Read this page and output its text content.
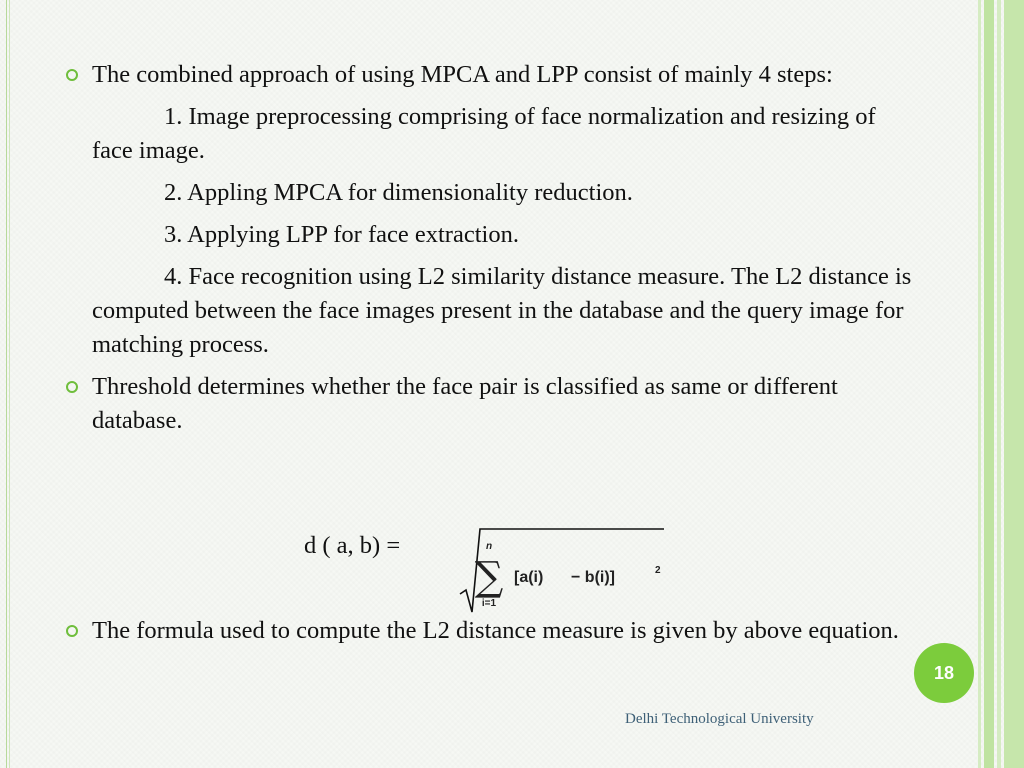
The combined approach of using MPCA and LPP consist of mainly 4 steps:
1. Image preprocessing comprising of face normalization and resizing of face image.
2. Appling MPCA for dimensionality reduction.
3. Applying LPP for face extraction.
4. Face recognition using L2 similarity distance measure. The L2 distance is computed between the face images present in the database and the query image for matching process.
Threshold determines whether the face pair is classified as same or different database.
d ( a, b) =	n
∑
i=1
[a(i) − b(i)]	2
The formula used to compute the L2 distance measure is given by above equation.
18
Delhi Technological University
